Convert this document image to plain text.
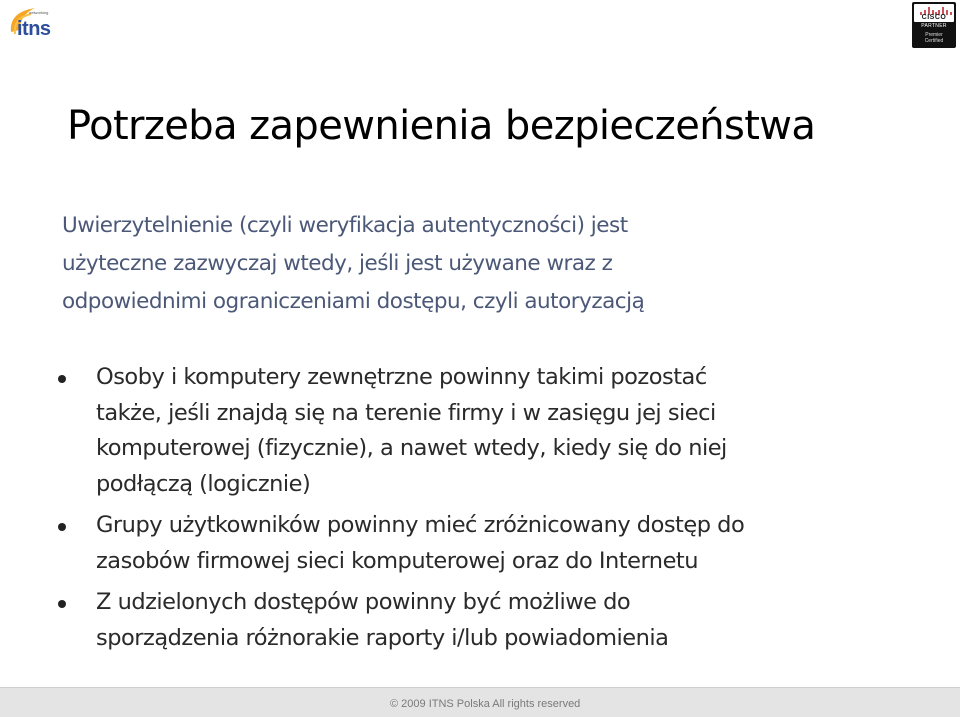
networking
itns
CISCO
PARTNER
Premier
Certified
Potrzeba zapewnienia bezpieczeństwa

Uwierzytelnienie (czyli weryfikacja autentyczności) jest
użyteczne zazwyczaj wtedy, jeśli jest używane wraz z
odpowiednimi ograniczeniami dostępu, czyli autoryzacją

Osoby i komputery zewnętrzne powinny takimi pozostać
także, jeśli znajdą się na terenie firmy i w zasięgu jej sieci
komputerowej (fizycznie), a nawet wtedy, kiedy się do niej
podłączą (logicznie)
Grupy użytkowników powinny mieć zróżnicowany dostęp do
zasobów firmowej sieci komputerowej oraz do Internetu
Z udzielonych dostępów powinny być możliwe do
sporządzenia różnorakie raporty i/lub powiadomienia
© 2009 ITNS Polska All rights reserved
